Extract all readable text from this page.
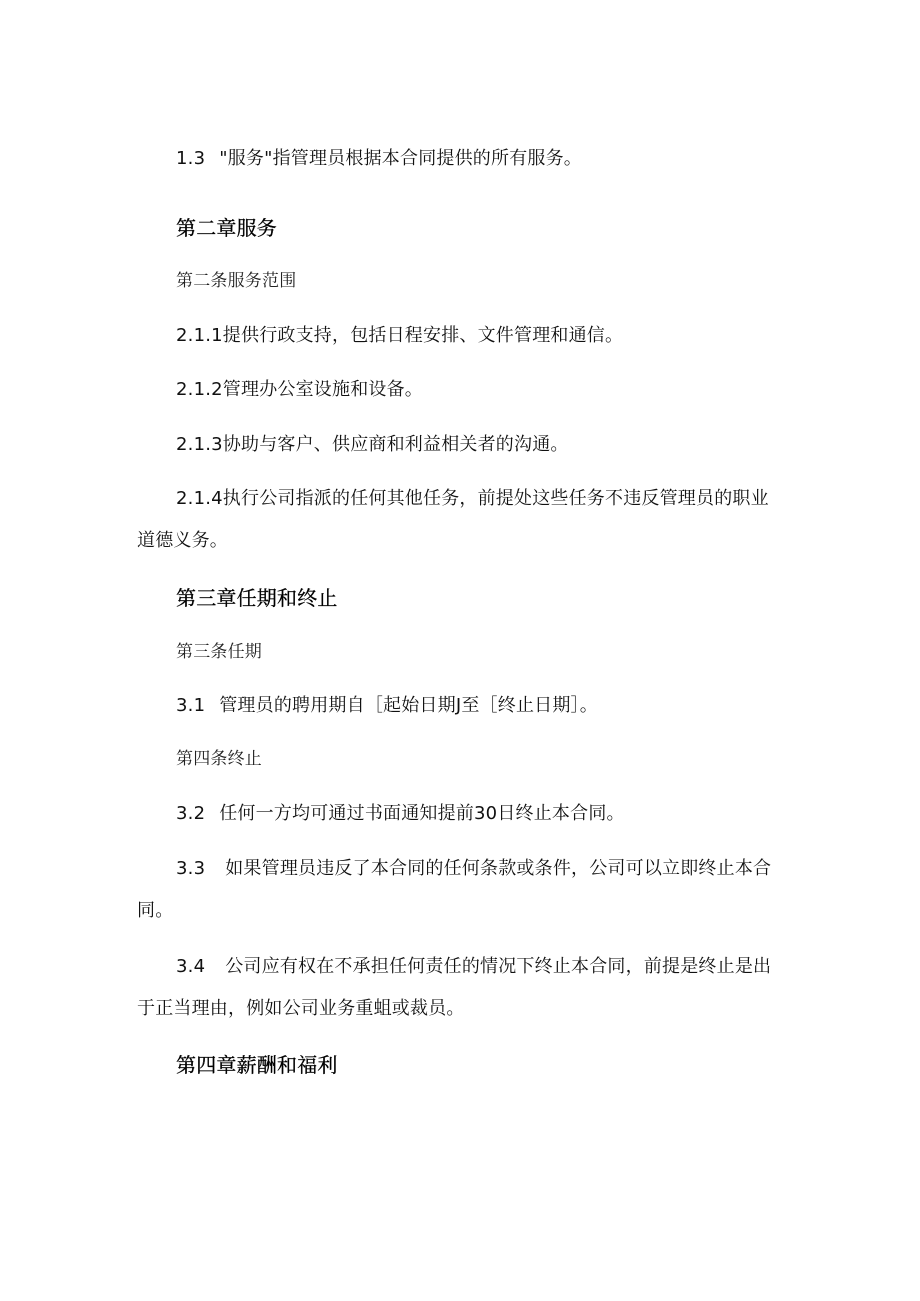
1.3 "服务"指管理员根据本合同提供的所有服务。
第二章服务
第二条服务范围
2.1.1提供行政支持，包括日程安排、文件管理和通信。
2.1.2管理办公室设施和设备。
2.1.3协助与客户、供应商和利益相关者的沟通。
2.1.4执行公司指派的任何其他任务，前提处这些任务不违反管理员的职业
道德义务。
第三章任期和终止
第三条任期
3.1 管理员的聘用期自［起始日期J至［终止日期］。
第四条终止
3.2 任何一方均可通过书面通知提前30日终止本合同。
3.3 如果管理员违反了本合同的任何条款或条件，公司可以立即终止本合
同。
3.4 公司应有权在不承担任何责任的情况下终止本合同，前提是终止是出
于正当理由，例如公司业务重蛆或裁员。
第四章薪酬和福利
